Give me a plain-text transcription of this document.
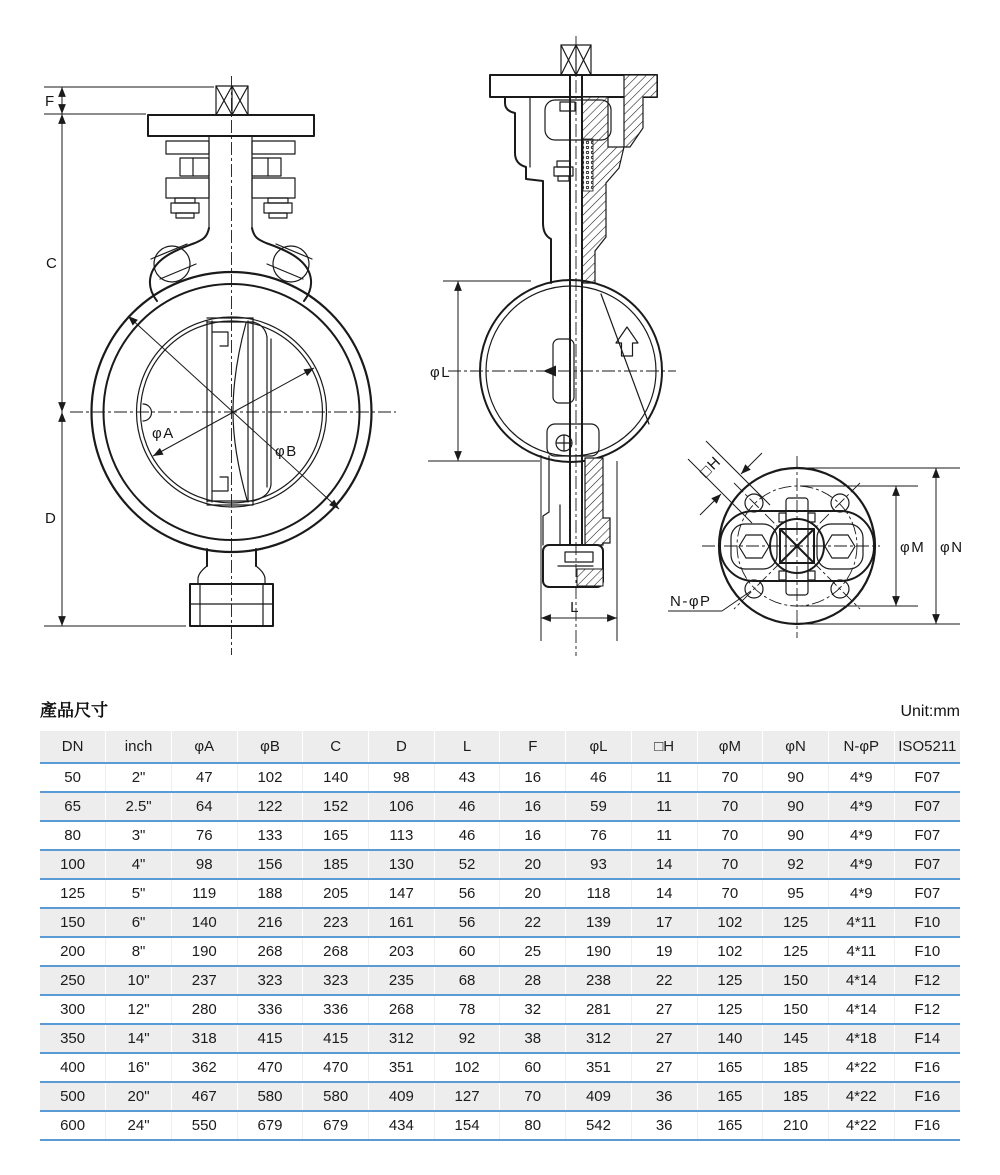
F
C
D
φA
φB
L
φL
□H
N-φP
φM φN
產品尺寸	Unit:mm
DN	inch	φA	φB	C	D	L	F	φL	□H	φM	φN	N-φP	ISO5211
50	2"	47	102	140	98	43	16	46	11	70	90	4*9	F07
65	2.5"	64	122	152	106	46	16	59	11	70	90	4*9	F07
80	3"	76	133	165	113	46	16	76	11	70	90	4*9	F07
100	4"	98	156	185	130	52	20	93	14	70	92	4*9	F07
125	5"	119	188	205	147	56	20	118	14	70	95	4*9	F07
150	6"	140	216	223	161	56	22	139	17	102	125	4*11	F10
200	8"	190	268	268	203	60	25	190	19	102	125	4*11	F10
250	10"	237	323	323	235	68	28	238	22	125	150	4*14	F12
300	12"	280	336	336	268	78	32	281	27	125	150	4*14	F12
350	14"	318	415	415	312	92	38	312	27	140	145	4*18	F14
400	16"	362	470	470	351	102	60	351	27	165	185	4*22	F16
500	20"	467	580	580	409	127	70	409	36	165	185	4*22	F16
600	24"	550	679	679	434	154	80	542	36	165	210	4*22	F16
